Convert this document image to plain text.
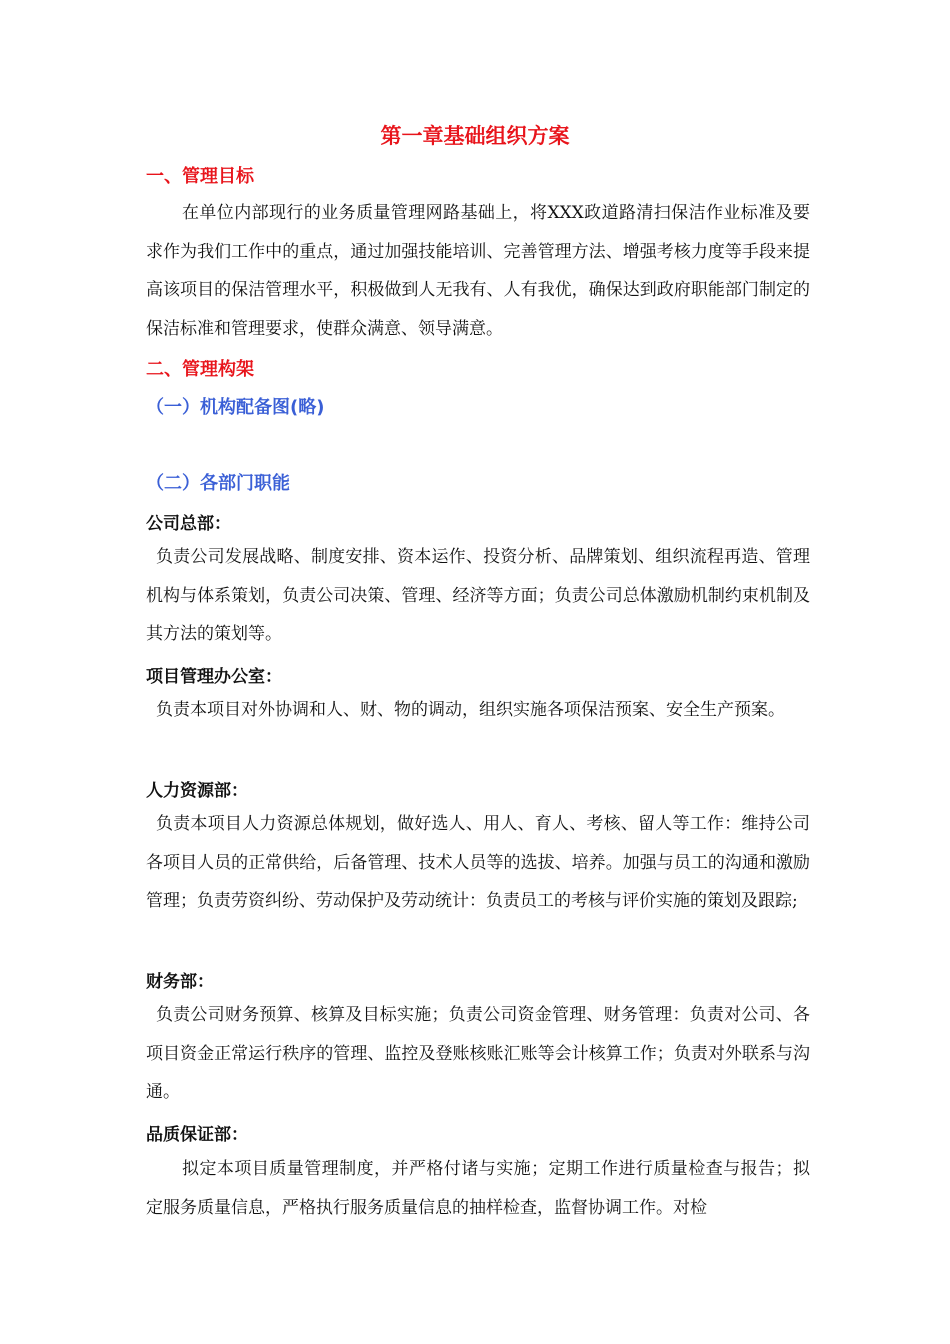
第一章基础组织方案
一、管理目标

在单位内部现行的业务质量管理网路基础上，将XXX政道路清扫保洁作业标准及要求作为我们工作中的重点，通过加强技能培训、完善管理方法、增强考核力度等手段来提高该项目的保洁管理水平，积极做到人无我有、人有我优，确保达到政府职能部门制定的保洁标准和管理要求，使群众满意、领导满意。

二、管理构架
（一）机构配备图(略)
（二）各部门职能
公司总部：

负责公司发展战略、制度安排、资本运作、投资分析、品牌策划、组织流程再造、管理机构与体系策划，负责公司决策、管理、经济等方面；负责公司总体激励机制约束机制及其方法的策划等。

项目管理办公室：

负责本项目对外协调和人、财、物的调动，组织实施各项保洁预案、安全生产预案。

人力资源部：

负责本项目人力资源总体规划，做好选人、用人、育人、考核、留人等工作：维持公司各项目人员的正常供给，后备管理、技术人员等的选拔、培养。加强与员工的沟通和激励管理；负责劳资纠纷、劳动保护及劳动统计：负责员工的考核与评价实施的策划及跟踪;

财务部：

负责公司财务预算、核算及目标实施；负责公司资金管理、财务管理：负责对公司、各项目资金正常运行秩序的管理、监控及登账核账汇账等会计核算工作；负责对外联系与沟通。

品质保证部：

拟定本项目质量管理制度，并严格付诸与实施；定期工作进行质量检查与报告；拟定服务质量信息，严格执行服务质量信息的抽样检查，监督协调工作。对检
